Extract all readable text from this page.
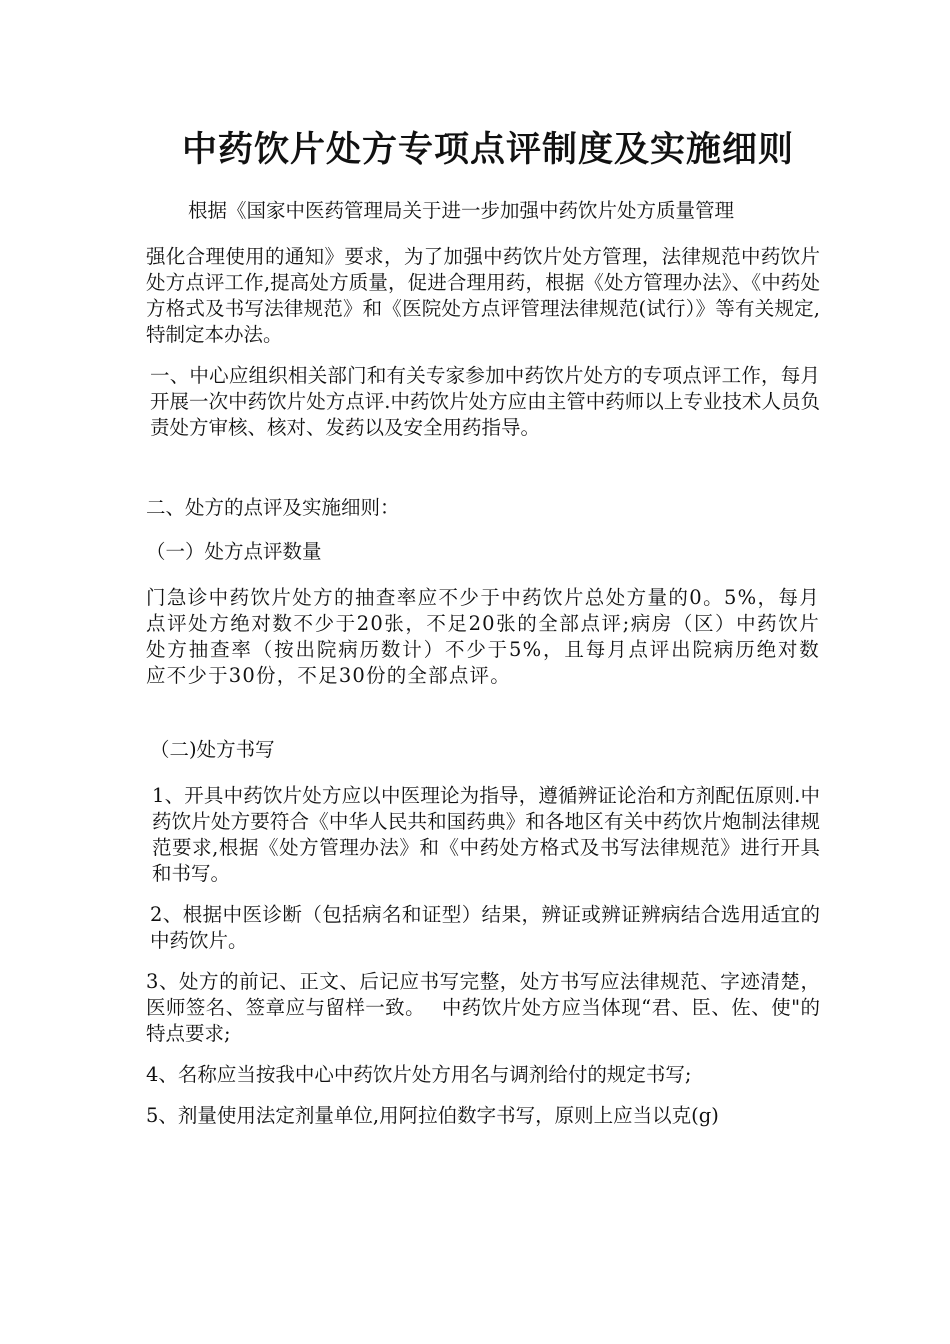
中药饮片处方专项点评制度及实施细则

根据《国家中医药管理局关于进一步加强中药饮片处方质量管理

强化合理使用的通知》要求，为了加强中药饮片处方管理，法律规范中药饮片处方点评工作,提高处方质量，促进合理用药，根据《处方管理办法》、《中药处方格式及书写法律规范》和《医院处方点评管理法律规范(试行）》等有关规定,特制定本办法。

一、中心应组织相关部门和有关专家参加中药饮片处方的专项点评工作，每月开展一次中药饮片处方点评.中药饮片处方应由主管中药师以上专业技术人员负责处方审核、核对、发药以及安全用药指导。

二、处方的点评及实施细则：

（一）处方点评数量

门急诊中药饮片处方的抽查率应不少于中药饮片总处方量的0。5%，每月点评处方绝对数不少于20张，不足20张的全部点评;病房（区）中药饮片处方抽查率（按出院病历数计）不少于5%，且每月点评出院病历绝对数应不少于30份，不足30份的全部点评。

（二)处方书写

1、开具中药饮片处方应以中医理论为指导，遵循辨证论治和方剂配伍原则.中药饮片处方要符合《中华人民共和国药典》和各地区有关中药饮片炮制法律规范要求,根据《处方管理办法》和《中药处方格式及书写法律规范》进行开具和书写。

2、根据中医诊断（包括病名和证型）结果，辨证或辨证辨病结合选用适宜的中药饮片。

3、处方的前记、正文、后记应书写完整，处方书写应法律规范、字迹清楚，医师签名、签章应与留样一致。　 中药饮片处方应当体现“君、臣、佐、使"的特点要求;

4、名称应当按我中心中药饮片处方用名与调剂给付的规定书写;

5、剂量使用法定剂量单位,用阿拉伯数字书写，原则上应当以克(g)
